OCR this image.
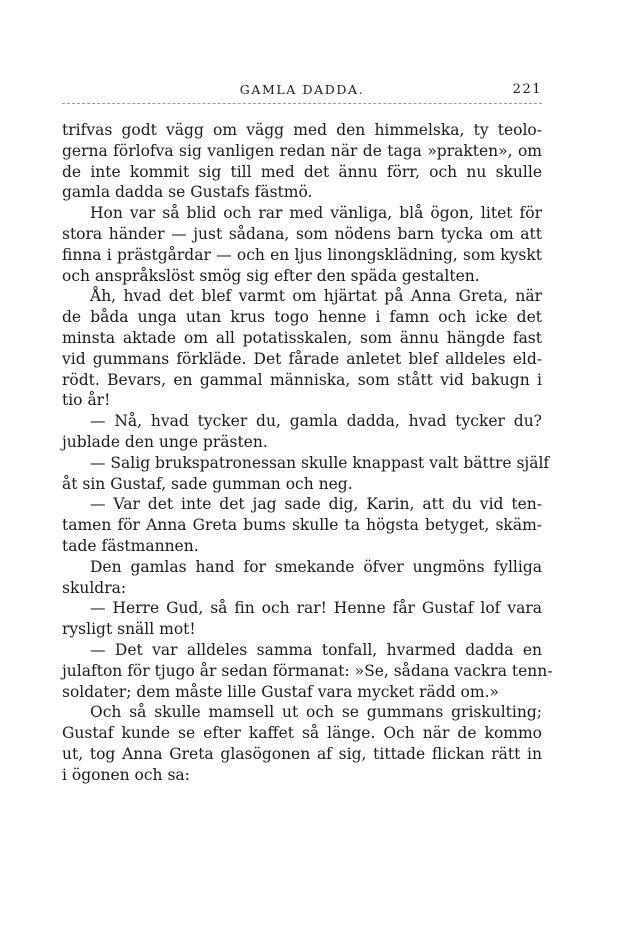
GAMLA DADDA.	221
trifvas godt vägg om vägg med den himmelska, ty teolo-
gerna förlofva sig vanligen redan när de taga »prakten», om
de inte kommit sig till med det ännu förr, och nu skulle
gamla dadda se Gustafs fästmö.
Hon var så blid och rar med vänliga, blå ögon, litet för
stora händer — just sådana, som nödens barn tycka om att
finna i prästgårdar — och en ljus linongsklädning, som kyskt
och anspråkslöst smög sig efter den späda gestalten.
Åh, hvad det blef varmt om hjärtat på Anna Greta, när
de båda unga utan krus togo henne i famn och icke det
minsta aktade om all potatisskalen, som ännu hängde fast
vid gummans förkläde. Det fårade anletet blef alldeles eld-
rödt. Bevars, en gammal människa, som stått vid bakugn i
tio år!
— Nå, hvad tycker du, gamla dadda, hvad tycker du?
jublade den unge prästen.
— Salig brukspatronessan skulle knappast valt bättre själf
åt sin Gustaf, sade gumman och neg.
— Var det inte det jag sade dig, Karin, att du vid ten-
tamen för Anna Greta bums skulle ta högsta betyget, skäm-
tade fästmannen.
Den gamlas hand for smekande öfver ungmöns fylliga
skuldra:
— Herre Gud, så fin och rar! Henne får Gustaf lof vara
rysligt snäll mot!
— Det var alldeles samma tonfall, hvarmed dadda en
julafton för tjugo år sedan förmanat: »Se, sådana vackra tenn-
soldater; dem måste lille Gustaf vara mycket rädd om.»
Och så skulle mamsell ut och se gummans griskulting;
Gustaf kunde se efter kaffet så länge. Och när de kommo
ut, tog Anna Greta glasögonen af sig, tittade flickan rätt in
i ögonen och sa:
